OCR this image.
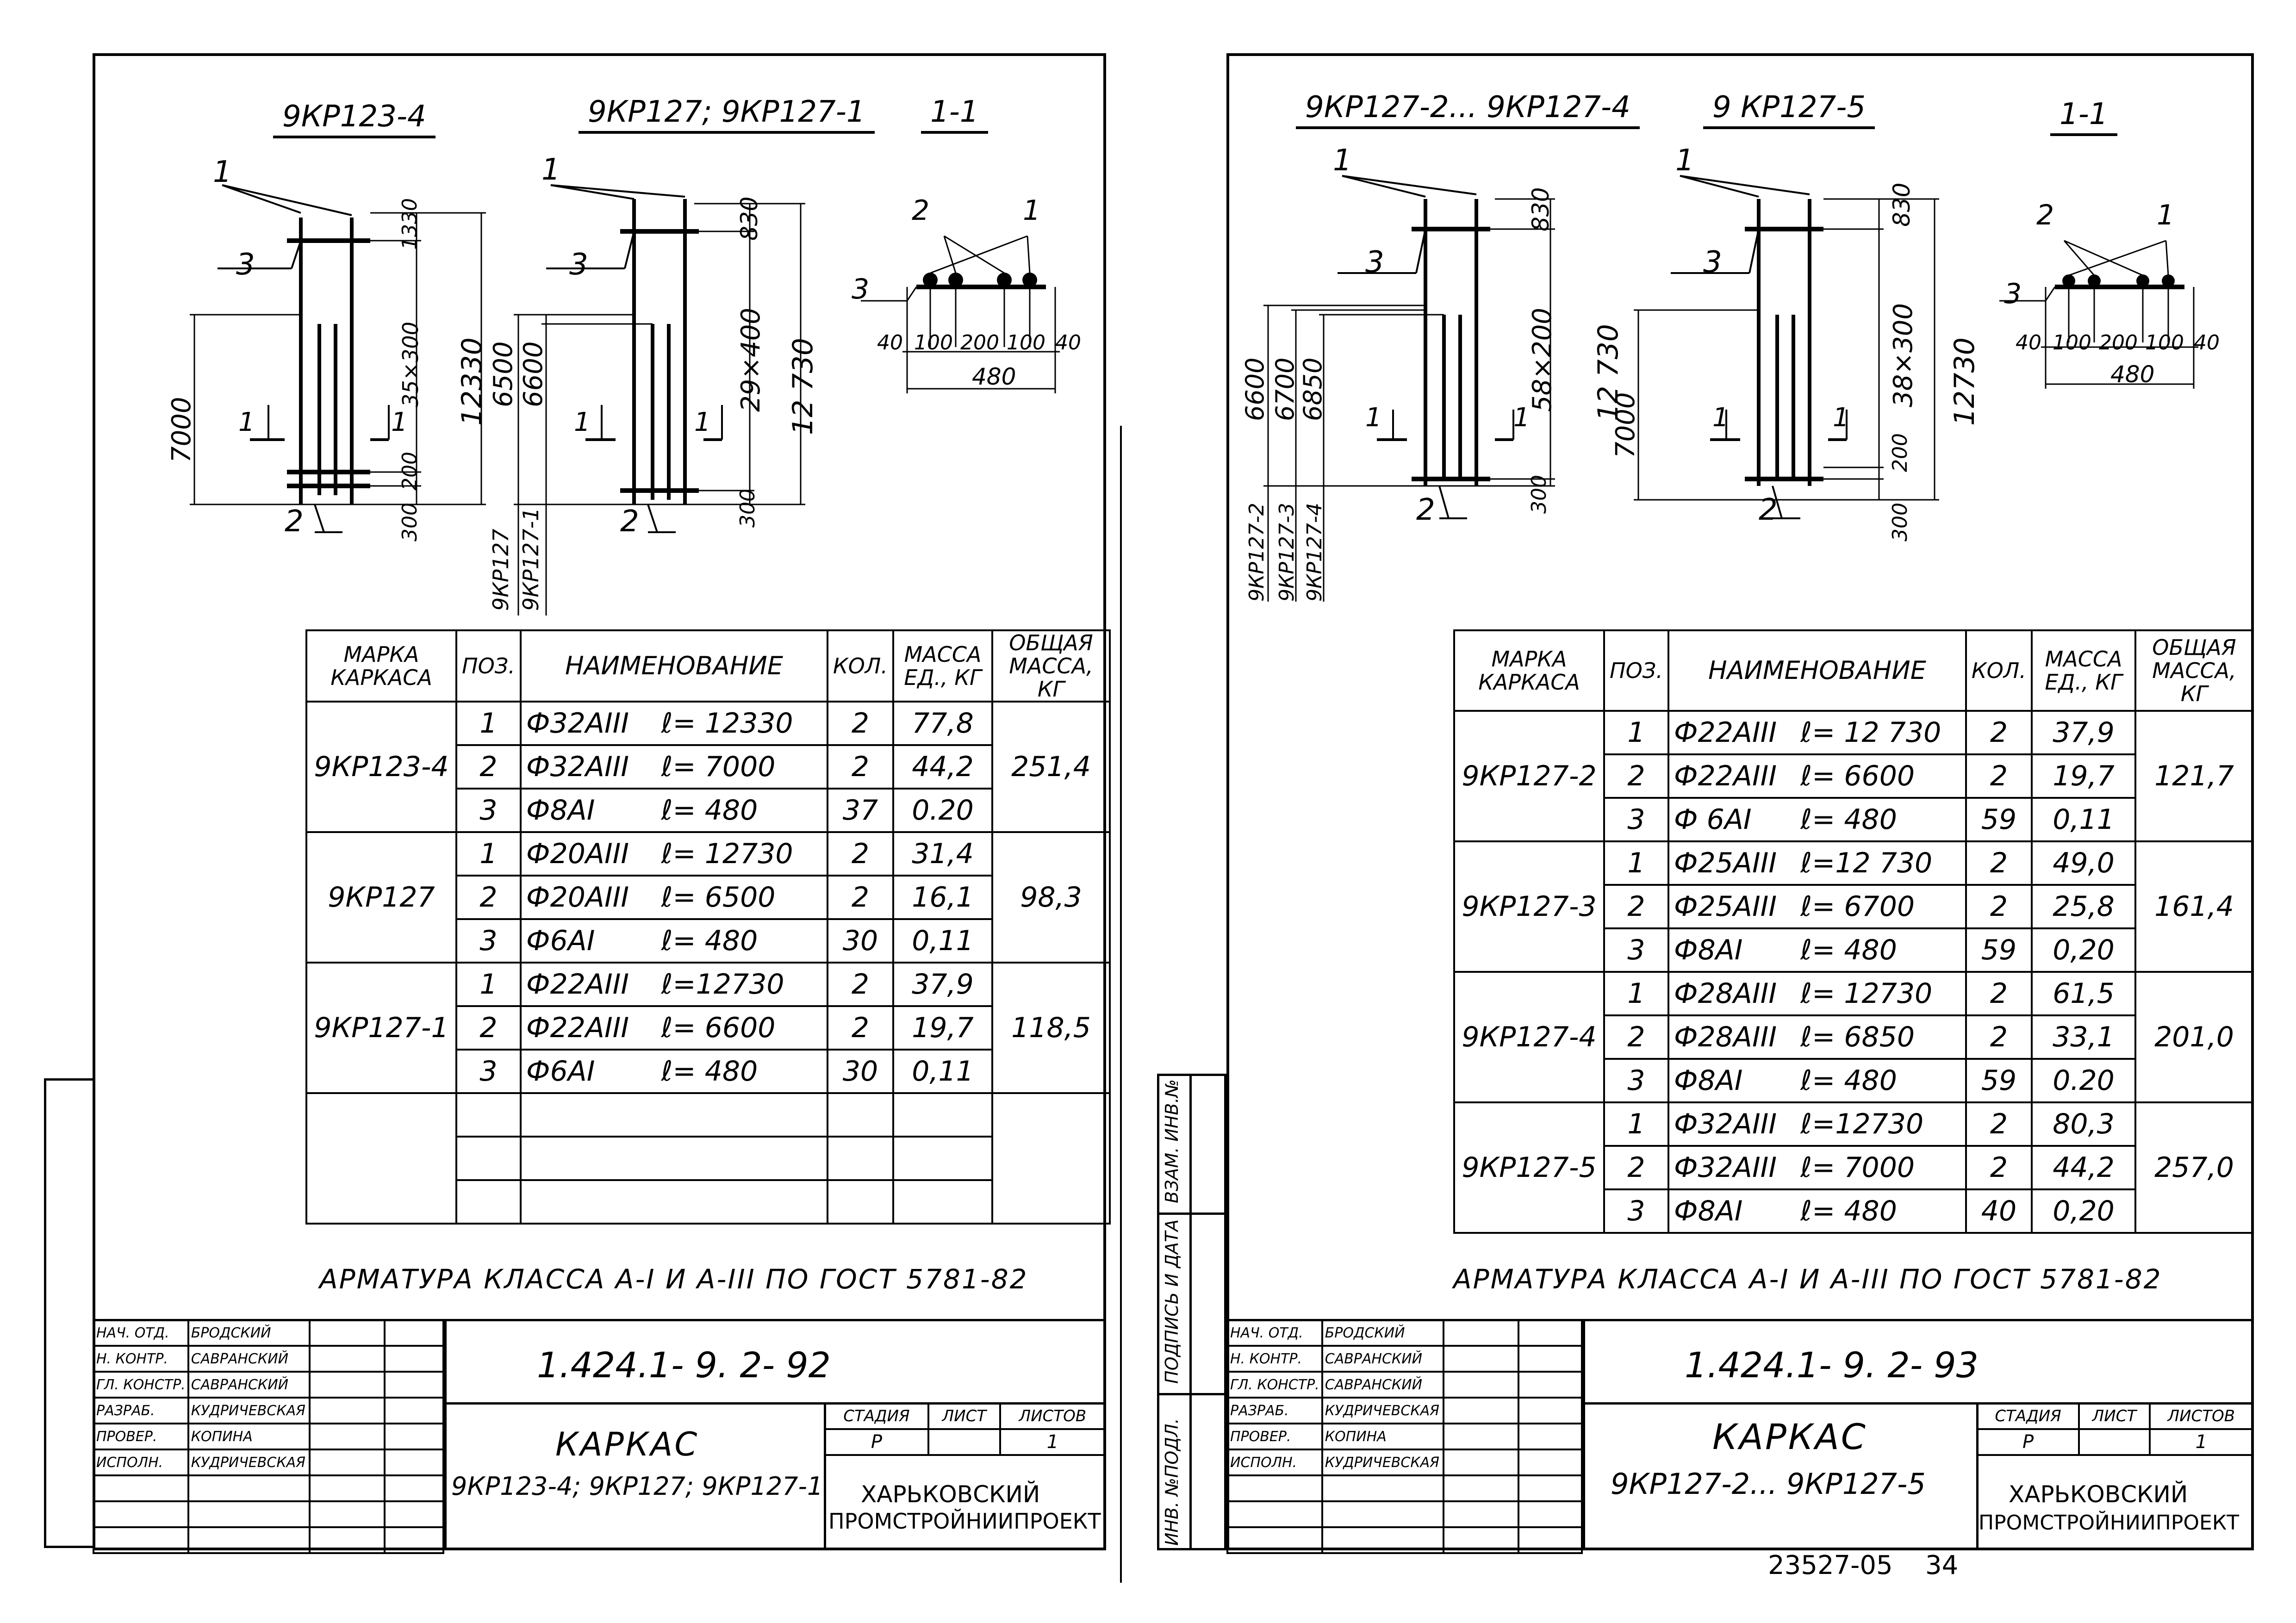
9КР123-4	9КР127; 9КР127-1	1-1
1
3
2
1	1
1330
35×300
200
300
12330
7000
1
3
2
1	1
830
29×400
300
12 730
6500 6600
9КР127 9КР127-1
2	1
3
40 100 200 100 40
480
МАРКА КАРКАСА	ПОЗ.	НАИМЕНОВАНИЕ		КОЛ.	МАССА ЕД., КГ	ОБЩАЯ МАССА, КГ
9КР123-4	1	Ф32АIII	ℓ= 12330	2	77,8	251,4
	2	Ф32АIII	ℓ= 7000	2	44,2	
	3	Ф8АI	ℓ= 480	37	0.20	
9КР127	1	Ф20АIII	ℓ= 12730	2	31,4	98,3
	2	Ф20АIII	ℓ= 6500	2	16,1	
	3	Ф6АI	ℓ= 480	30	0,11	
9КР127-1	1	Ф22АIII	ℓ=12730	2	37,9	118,5
	2	Ф22АIII	ℓ= 6600	2	19,7	
	3	Ф6АI	ℓ= 480	30	0,11	

АРМАТУРА КЛАССА А-I И А-III ПО ГОСТ 5781-82
1.424.1- 9. 2- 92
КАРКАС
9КР123-4; 9КР127; 9КР127-1
СТАДИЯ	ЛИСТ	ЛИСТОВ
Р		1
ХАРЬКОВСКИЙ
ПРОМСТРОЙНИИПРОЕКТ
НАЧ. ОТД.	БРОДСКИЙ		
Н. КОНТР.	САВРАНСКИЙ		
ГЛ. КОНСТР.	САВРАНСКИЙ		
РАЗРАБ.	КУДРИЧЕВСКАЯ		
ПРОВЕР.	КОПИНА		
ИСПОЛН.	КУДРИЧЕВСКАЯ		

ВЗАМ. ИНВ.№
ПОДПИСЬ И ДАТА
ИНВ. №ПОДЛ.
9КР127-2... 9КР127-4	9 КР127-5	1-1
1
3
2
1	1
830
58×200
300
12 730
6600 6700
6850
9КР127-2 9КР127-3 9КР127-4
1
3
2
1	1
830
38×300
200
300
12730
7000
2	1
3
40 100 200 100 40
480
МАРКА КАРКАСА	ПОЗ.	НАИМЕНОВАНИЕ		КОЛ.	МАССА ЕД., КГ	ОБЩАЯ МАССА, КГ
9КР127-2	1	Ф22АIII	ℓ= 12 730	2	37,9	121,7
	2	Ф22АIII	ℓ= 6600	2	19,7	
	3	Ф 6АI	ℓ= 480	59	0,11	
9КР127-3	1	Ф25АIII	ℓ=12 730	2	49,0	161,4
	2	Ф25АIII	ℓ= 6700	2	25,8	
	3	Ф8АI	ℓ= 480	59	0,20	
9КР127-4	1	Ф28АIII	ℓ= 12730	2	61,5	201,0
	2	Ф28АIII	ℓ= 6850	2	33,1	
	3	Ф8АI	ℓ= 480	59	0.20	
9КР127-5	1	Ф32АIII	ℓ=12730	2	80,3	257,0
	2	Ф32АIII	ℓ= 7000	2	44,2	
	3	Ф8АI	ℓ= 480	40	0,20	
АРМАТУРА КЛАССА А-I И А-III ПО ГОСТ 5781-82
1.424.1- 9. 2- 93
КАРКАС
9КР127-2... 9КР127-5
СТАДИЯ	ЛИСТ	ЛИСТОВ
Р		1
ХАРЬКОВСКИЙ
ПРОМСТРОЙНИИПРОЕКТ
НАЧ. ОТД.	БРОДСКИЙ		
Н. КОНТР.	САВРАНСКИЙ		
ГЛ. КОНСТР.	САВРАНСКИЙ		
РАЗРАБ.	КУДРИЧЕВСКАЯ		
ПРОВЕР.	КОПИНА		
ИСПОЛН.	КУДРИЧЕВСКАЯ		

23527-05 34
